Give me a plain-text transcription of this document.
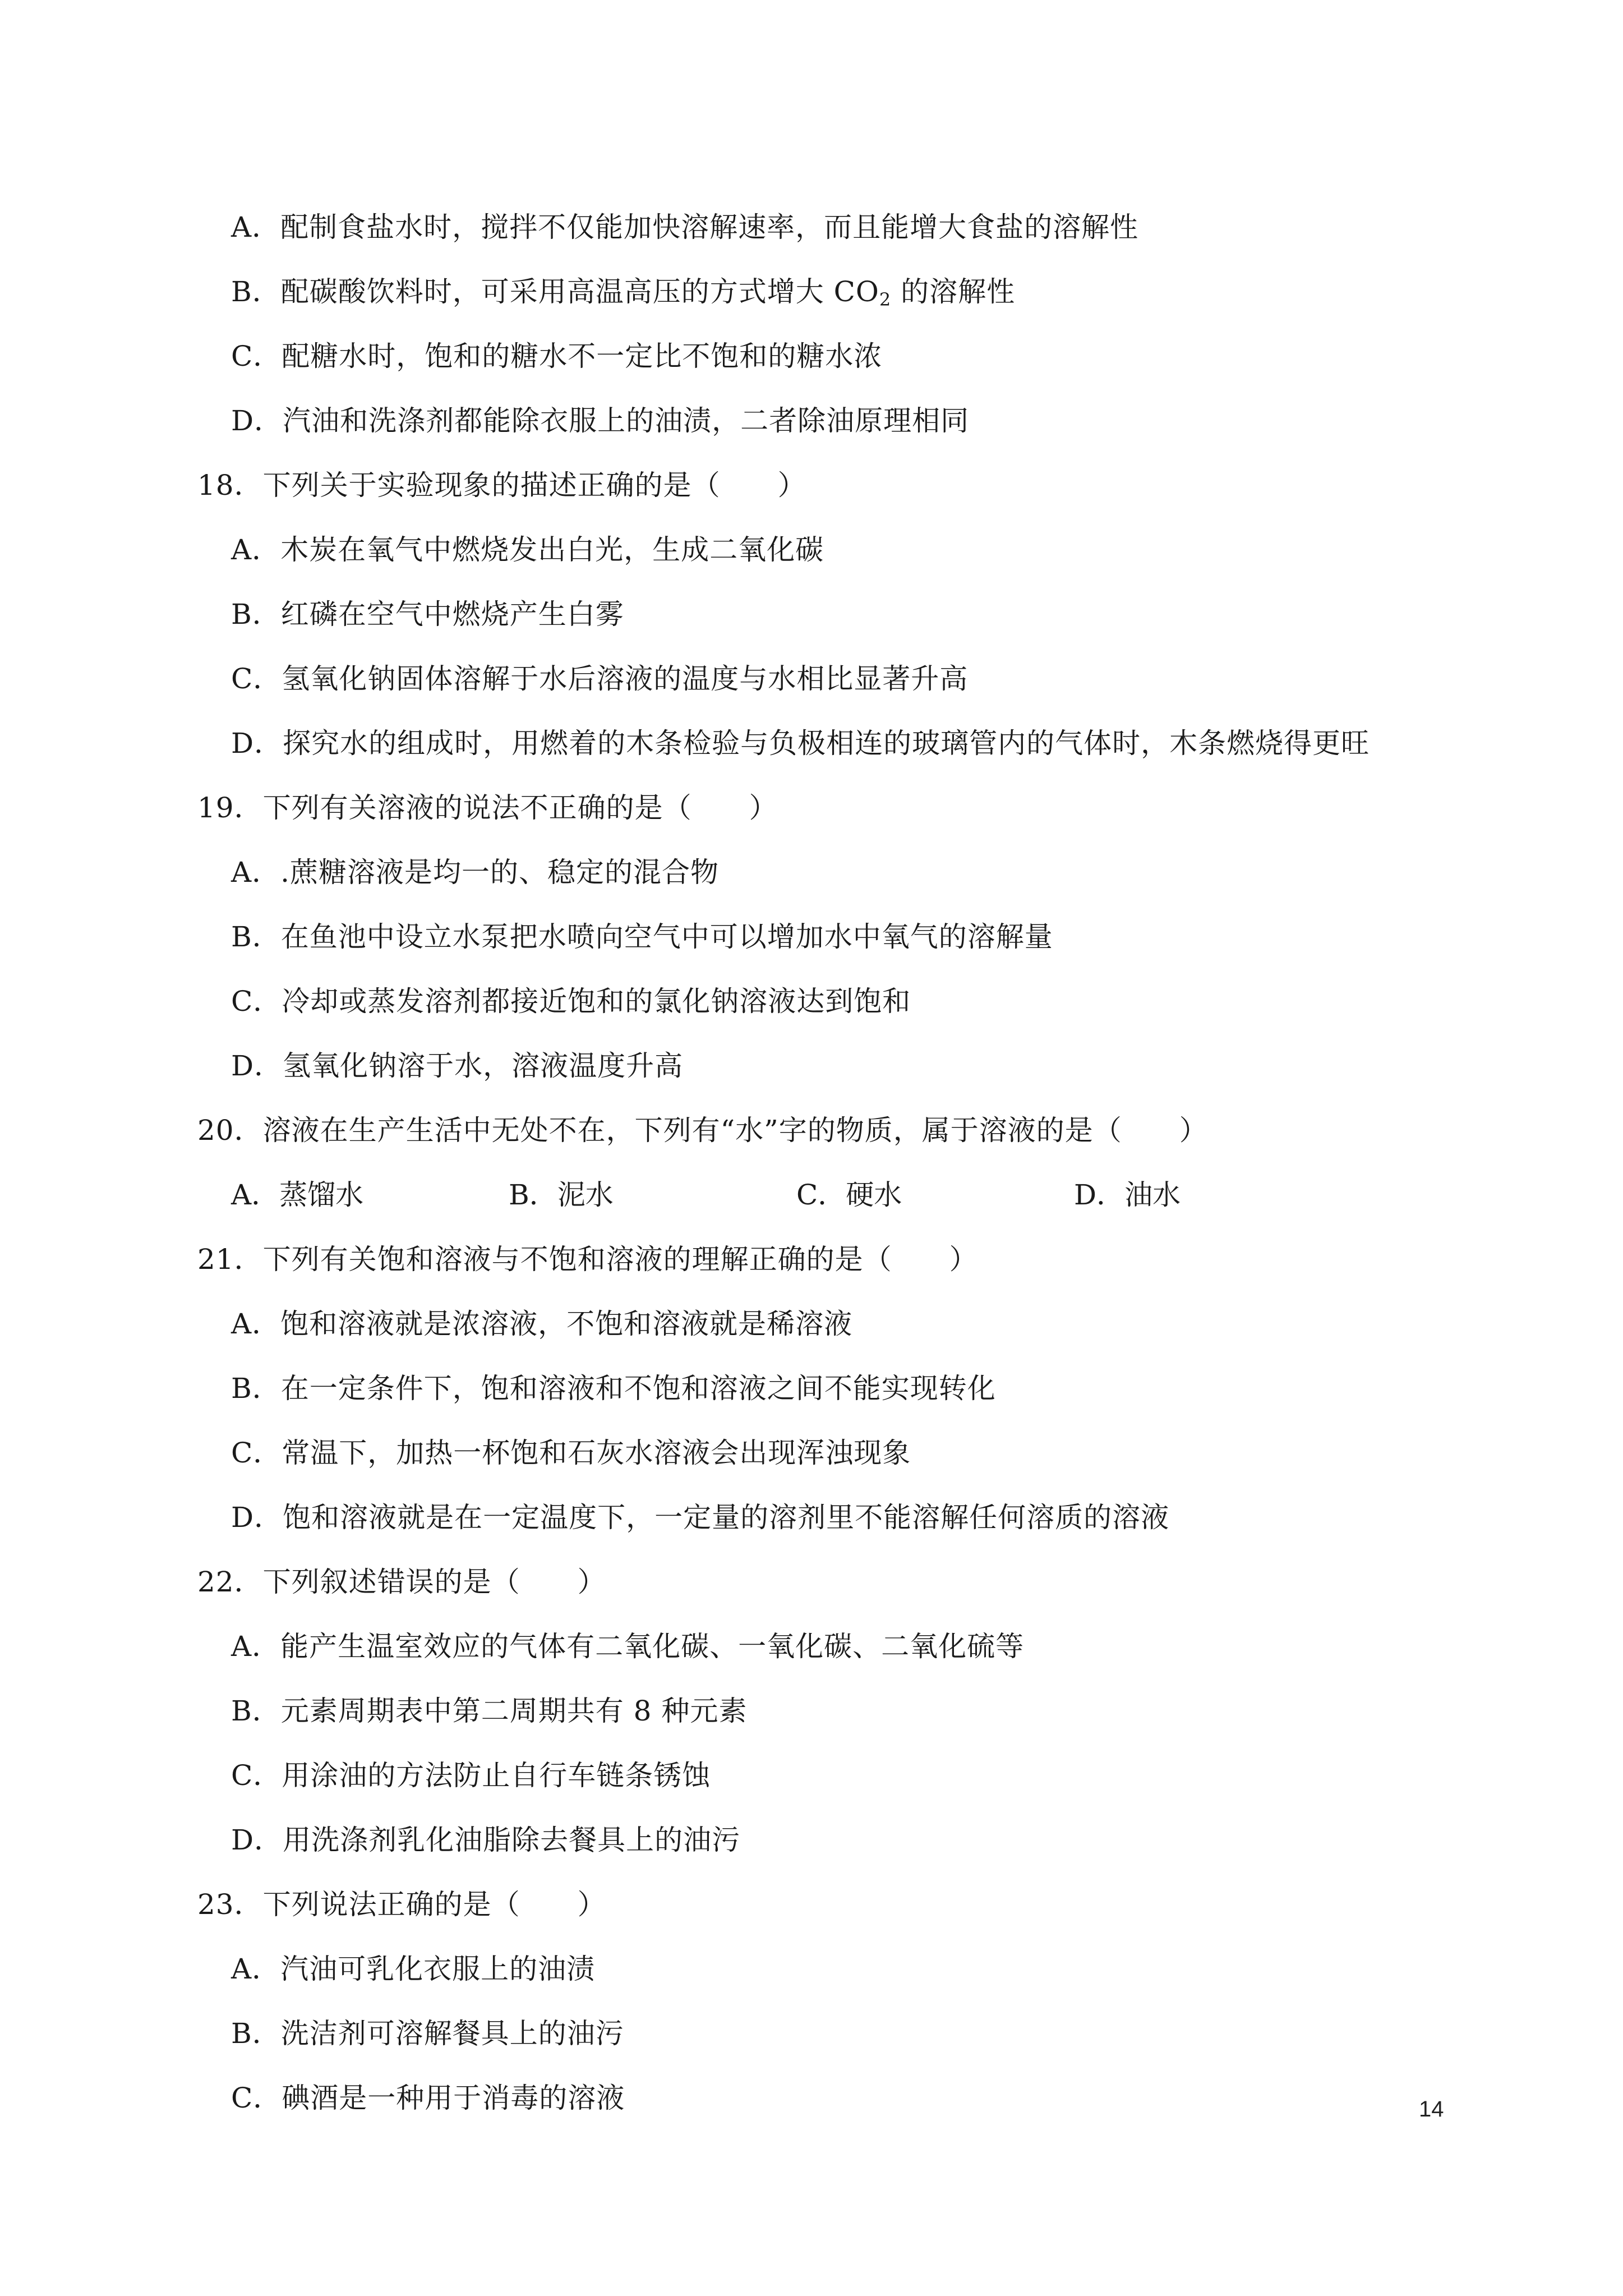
A．配制食盐水时，搅拌不仅能加快溶解速率，而且能增大食盐的溶解性
B．配碳酸饮料时，可采用高温高压的方式增大 $CO_2$ 的溶解性
C．配糖水时，饱和的糖水不一定比不饱和的糖水浓
D．汽油和洗涤剂都能除衣服上的油渍，二者除油原理相同
18．下列关于实验现象的描述正确的是（　　）
A．木炭在氧气中燃烧发出白光，生成二氧化碳
B．红磷在空气中燃烧产生白雾
C．氢氧化钠固体溶解于水后溶液的温度与水相比显著升高
D．探究水的组成时，用燃着的木条检验与负极相连的玻璃管内的气体时，木条燃烧得更旺
19．下列有关溶液的说法不正确的是（　　）
A．.蔗糖溶液是均一的、稳定的混合物
B．在鱼池中设立水泵把水喷向空气中可以增加水中氧气的溶解量
C．冷却或蒸发溶剂都接近饱和的氯化钠溶液达到饱和
D．氢氧化钠溶于水，溶液温度升高
20．溶液在生产生活中无处不在，下列有“水”字的物质，属于溶液的是（　　）
A．蒸馏水	B．泥水	C．硬水	D．油水
21．下列有关饱和溶液与不饱和溶液的理解正确的是（　　）
A．饱和溶液就是浓溶液，不饱和溶液就是稀溶液
B．在一定条件下，饱和溶液和不饱和溶液之间不能实现转化
C．常温下，加热一杯饱和石灰水溶液会出现浑浊现象
D．饱和溶液就是在一定温度下，一定量的溶剂里不能溶解任何溶质的溶液
22．下列叙述错误的是（　　）
A．能产生温室效应的气体有二氧化碳、一氧化碳、二氧化硫等
B．元素周期表中第二周期共有 8 种元素
C．用涂油的方法防止自行车链条锈蚀
D．用洗涤剂乳化油脂除去餐具上的油污
23．下列说法正确的是（　　）
A．汽油可乳化衣服上的油渍
B．洗洁剂可溶解餐具上的油污
C．碘酒是一种用于消毒的溶液	14
